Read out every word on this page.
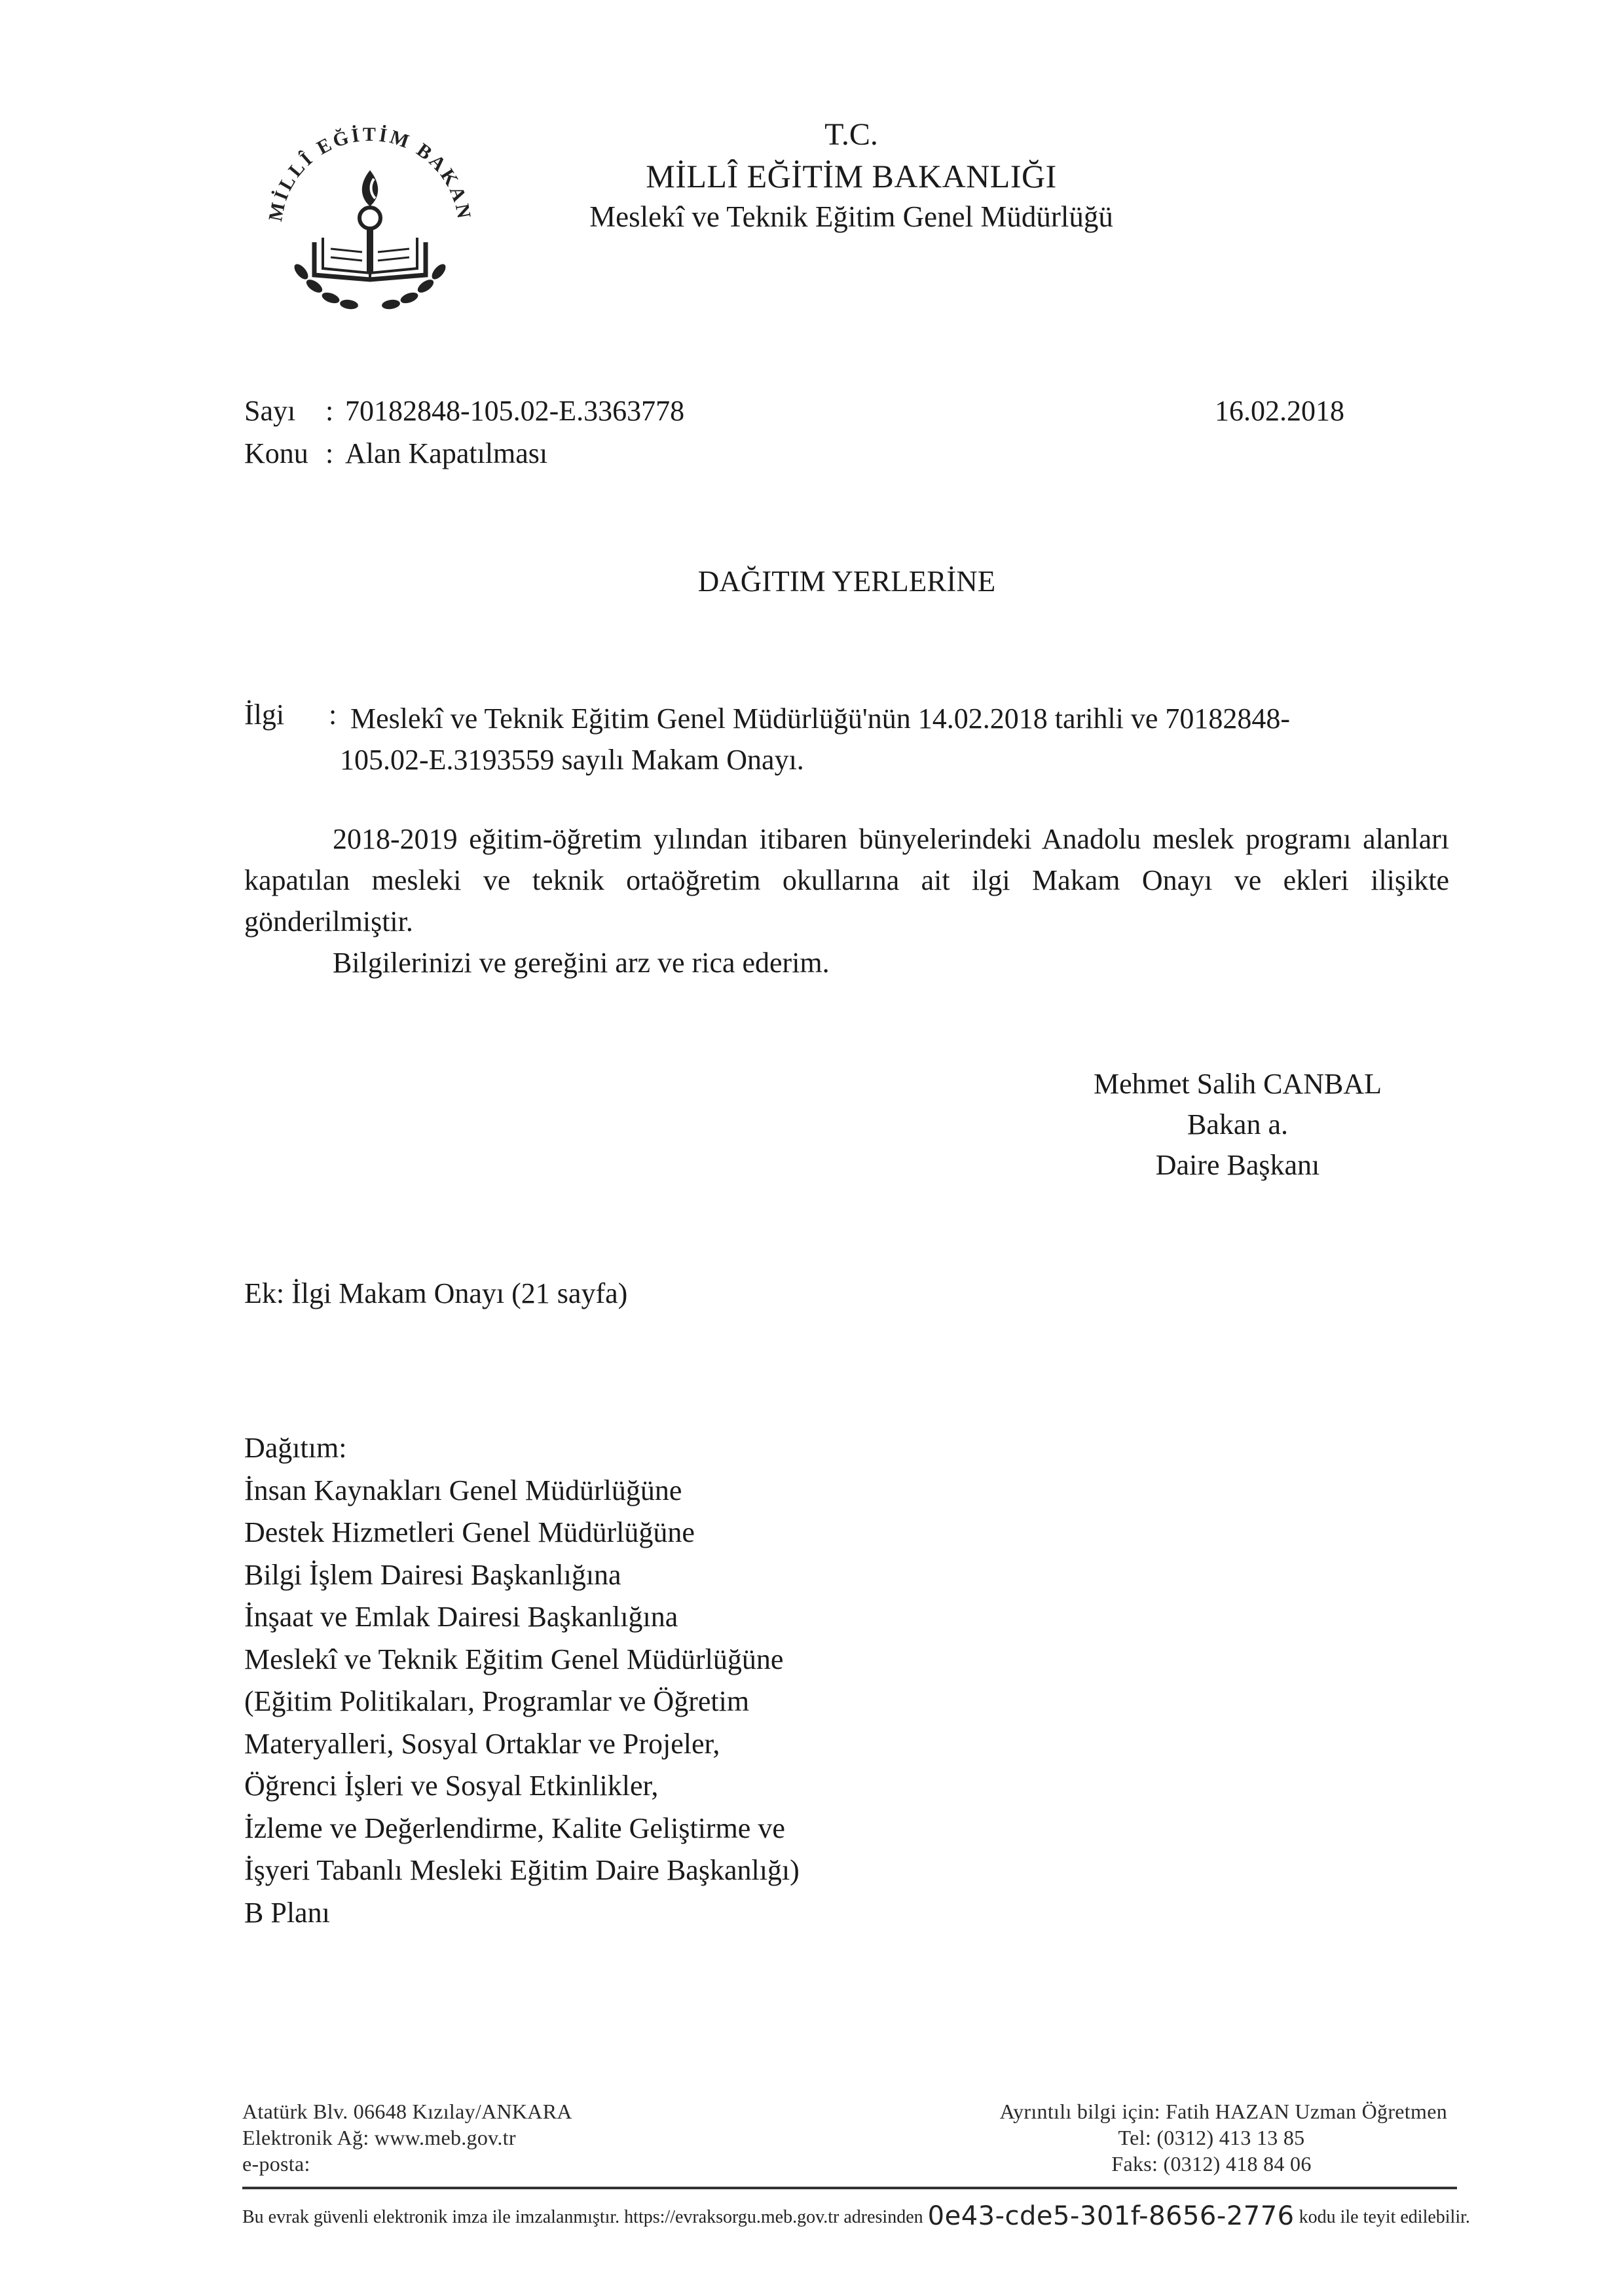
MİLLÎ EĞİTİM BAKAN
T.C.
MİLLÎ EĞİTİM BAKANLIĞI
Meslekî ve Teknik Eğitim Genel Müdürlüğü
Sayı : 70182848-105.02-E.3363778	16.02.2018
Konu : Alan Kapatılması
DAĞITIM YERLERİNE
İlgi : Meslekî ve Teknik Eğitim Genel Müdürlüğü'nün 14.02.2018 tarihli ve 70182848-
105.02-E.3193559 sayılı Makam Onayı.

2018-2019 eğitim-öğretim yılından itibaren bünyelerindeki Anadolu meslek programı alanları kapatılan mesleki ve teknik ortaöğretim okullarına ait ilgi Makam Onayı ve ekleri ilişikte gönderilmiştir.

Bilgilerinizi ve gereğini arz ve rica ederim.

Mehmet Salih CANBAL
Bakan a.
Daire Başkanı
Ek: İlgi Makam Onayı (21 sayfa)
Dağıtım:
İnsan Kaynakları Genel Müdürlüğüne
Destek Hizmetleri Genel Müdürlüğüne
Bilgi İşlem Dairesi Başkanlığına
İnşaat ve Emlak Dairesi Başkanlığına
Meslekî ve Teknik Eğitim Genel Müdürlüğüne
(Eğitim Politikaları, Programlar ve Öğretim
Materyalleri, Sosyal Ortaklar ve Projeler,
Öğrenci İşleri ve Sosyal Etkinlikler,
İzleme ve Değerlendirme, Kalite Geliştirme ve
İşyeri Tabanlı Mesleki Eğitim Daire Başkanlığı)
B Planı
Atatürk Blv. 06648 Kızılay/ANKARA
Elektronik Ağ: www.meb.gov.tr
e-posta:
Ayrıntılı bilgi için: Fatih HAZAN Uzman Öğretmen
Tel: (0312) 413 13 85
Faks: (0312) 418 84 06
Bu evrak güvenli elektronik imza ile imzalanmıştır. https://evraksorgu.meb.gov.tr adresinden 0e43-cde5-301f-8656-2776 kodu ile teyit edilebilir.
